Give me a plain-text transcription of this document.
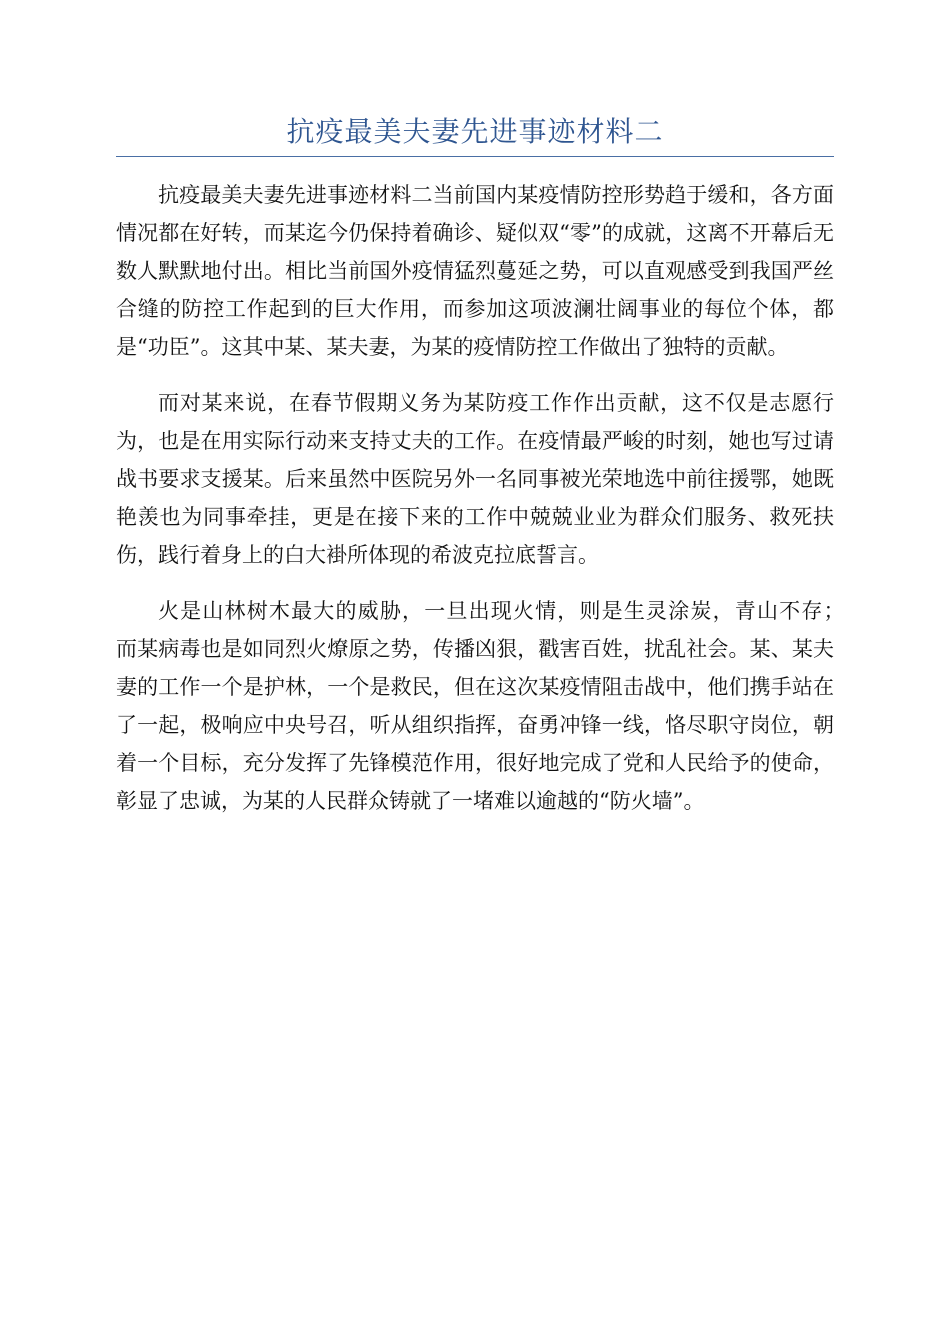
抗疫最美夫妻先进事迹材料二

抗疫最美夫妻先进事迹材料二当前国内某疫情防控形势趋于缓和，各方面情况都在好转，而某迄今仍保持着确诊、疑似双“零”的成就，这离不开幕后无数人默默地付出。相比当前国外疫情猛烈蔓延之势，可以直观感受到我国严丝合缝的防控工作起到的巨大作用，而参加这项波澜壮阔事业的每位个体，都是“功臣”。这其中某、某夫妻，为某的疫情防控工作做出了独特的贡献。

而对某来说，在春节假期义务为某防疫工作作出贡献，这不仅是志愿行为，也是在用实际行动来支持丈夫的工作。在疫情最严峻的时刻，她也写过请战书要求支援某。后来虽然中医院另外一名同事被光荣地选中前往援鄂，她既艳羡也为同事牵挂，更是在接下来的工作中兢兢业业为群众们服务、救死扶伤，践行着身上的白大褂所体现的希波克拉底誓言。

火是山林树木最大的威胁，一旦出现火情，则是生灵涂炭，青山不存；　而某病毒也是如同烈火燎原之势，传播凶狠，戳害百姓，扰乱社会。某、某夫妻的工作一个是护林，一个是救民，但在这次某疫情阻击战中，他们携手站在了一起，极响应中央号召，听从组织指挥，奋勇冲锋一线，恪尽职守岗位，朝着一个目标，充分发挥了先锋模范作用，很好地完成了党和人民给予的使命，彰显了忠诚，为某的人民群众铸就了一堵难以逾越的“防火墙”。
